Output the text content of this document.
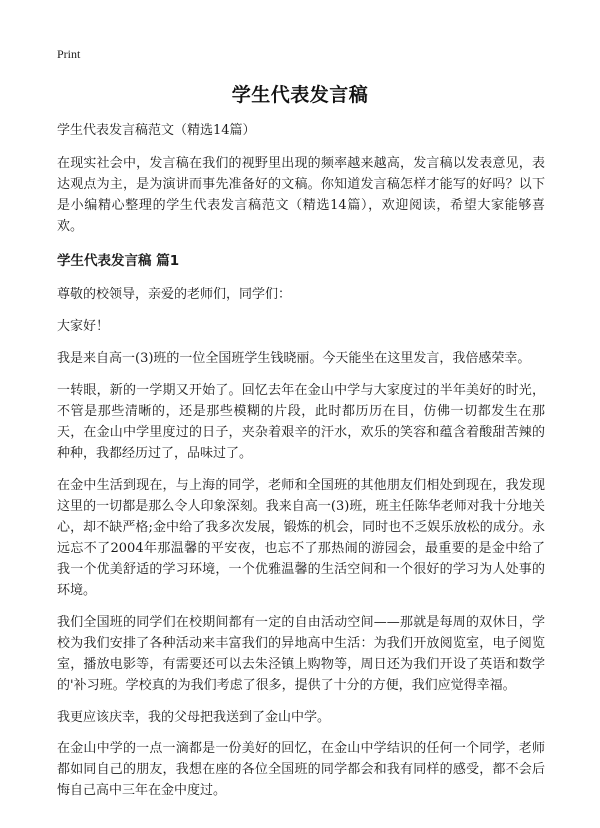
Print
学生代表发言稿

学生代表发言稿范文（精选14篇）

在现实社会中，发言稿在我们的视野里出现的频率越来越高，发言稿以发表意见，表达观点为主，是为演讲而事先准备好的文稿。你知道发言稿怎样才能写的好吗？以下是小编精心整理的学生代表发言稿范文（精选14篇），欢迎阅读，希望大家能够喜欢。

学生代表发言稿 篇1

尊敬的校领导，亲爱的老师们，同学们：

大家好！

我是来自高一(3)班的一位全国班学生钱晓丽。今天能坐在这里发言，我倍感荣幸。

一转眼，新的一学期又开始了。回忆去年在金山中学与大家度过的半年美好的时光，不管是那些清晰的，还是那些模糊的片段，此时都历历在目，仿佛一切都发生在那天，在金山中学里度过的日子，夹杂着艰辛的汗水，欢乐的笑容和蕴含着酸甜苦辣的种种，我都经历过了，品味过了。

在金中生活到现在，与上海的同学，老师和全国班的其他朋友们相处到现在，我发现这里的一切都是那么令人印象深刻。我来自高一(3)班，班主任陈华老师对我十分地关心，却不缺严格;金中给了我多次发展，锻炼的机会，同时也不乏娱乐放松的成分。永远忘不了2004年那温馨的平安夜，也忘不了那热闹的游园会，最重要的是金中给了我一个优美舒适的学习环境，一个优雅温馨的生活空间和一个很好的学习为人处事的环境。

我们全国班的同学们在校期间都有一定的自由活动空间——那就是每周的双休日，学校为我们安排了各种活动来丰富我们的异地高中生活：为我们开放阅览室，电子阅览室，播放电影等，有需要还可以去朱泾镇上购物等，周日还为我们开设了英语和数学的'补习班。学校真的为我们考虑了很多，提供了十分的方便，我们应觉得幸福。

我更应该庆幸，我的父母把我送到了金山中学。

在金山中学的一点一滴都是一份美好的回忆，在金山中学结识的任何一个同学，老师都如同自己的朋友，我想在座的各位全国班的同学都会和我有同样的感受，都不会后悔自己高中三年在金中度过。
